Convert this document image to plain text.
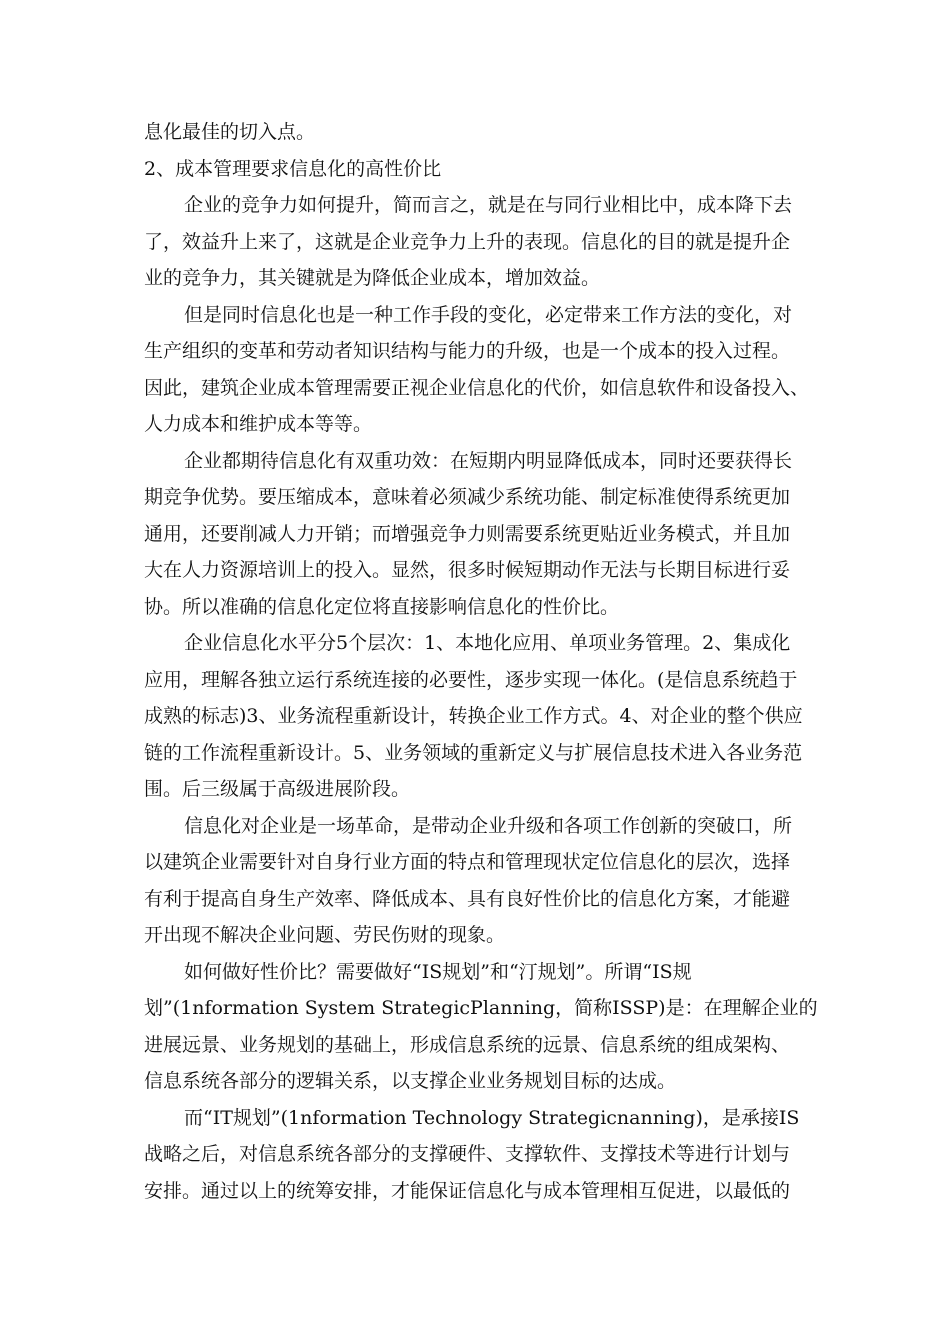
息化最佳的切入点。
2、成本管理要求信息化的高性价比
企业的竞争力如何提升，简而言之，就是在与同行业相比中，成本降下去
了，效益升上来了，这就是企业竞争力上升的表现。信息化的目的就是提升企
业的竞争力，其关键就是为降低企业成本，增加效益。
但是同时信息化也是一种工作手段的变化，必定带来工作方法的变化，对
生产组织的变革和劳动者知识结构与能力的升级，也是一个成本的投入过程。
因此，建筑企业成本管理需要正视企业信息化的代价，如信息软件和设备投入、
人力成本和维护成本等等。
企业都期待信息化有双重功效：在短期内明显降低成本，同时还要获得长
期竞争优势。要压缩成本，意味着必须减少系统功能、制定标准使得系统更加
通用，还要削减人力开销；而增强竞争力则需要系统更贴近业务模式，并且加
大在人力资源培训上的投入。显然，很多时候短期动作无法与长期目标进行妥
协。所以准确的信息化定位将直接影响信息化的性价比。
企业信息化水平分5个层次：1、本地化应用、单项业务管理。2、集成化
应用，理解各独立运行系统连接的必要性，逐步实现一体化。(是信息系统趋于
成熟的标志)3、业务流程重新设计，转换企业工作方式。4、对企业的整个供应
链的工作流程重新设计。5、业务领域的重新定义与扩展信息技术进入各业务范
围。后三级属于高级进展阶段。
信息化对企业是一场革命，是带动企业升级和各项工作创新的突破口，所
以建筑企业需要针对自身行业方面的特点和管理现状定位信息化的层次，选择
有利于提高自身生产效率、降低成本、具有良好性价比的信息化方案，才能避
开出现不解决企业问题、劳民伤财的现象。
如何做好性价比？需要做好“IS规划”和“汀规划”。所谓“IS规
划”(1nformation System StrategicPlanning，简称ISSP)是：在理解企业的
进展远景、业务规划的基础上，形成信息系统的远景、信息系统的组成架构、
信息系统各部分的逻辑关系，以支撑企业业务规划目标的达成。
而“IT规划”(1nformation Technology Strategicnanning)，是承接IS
战略之后，对信息系统各部分的支撑硬件、支撑软件、支撑技术等进行计划与
安排。通过以上的统筹安排，才能保证信息化与成本管理相互促进，以最低的
